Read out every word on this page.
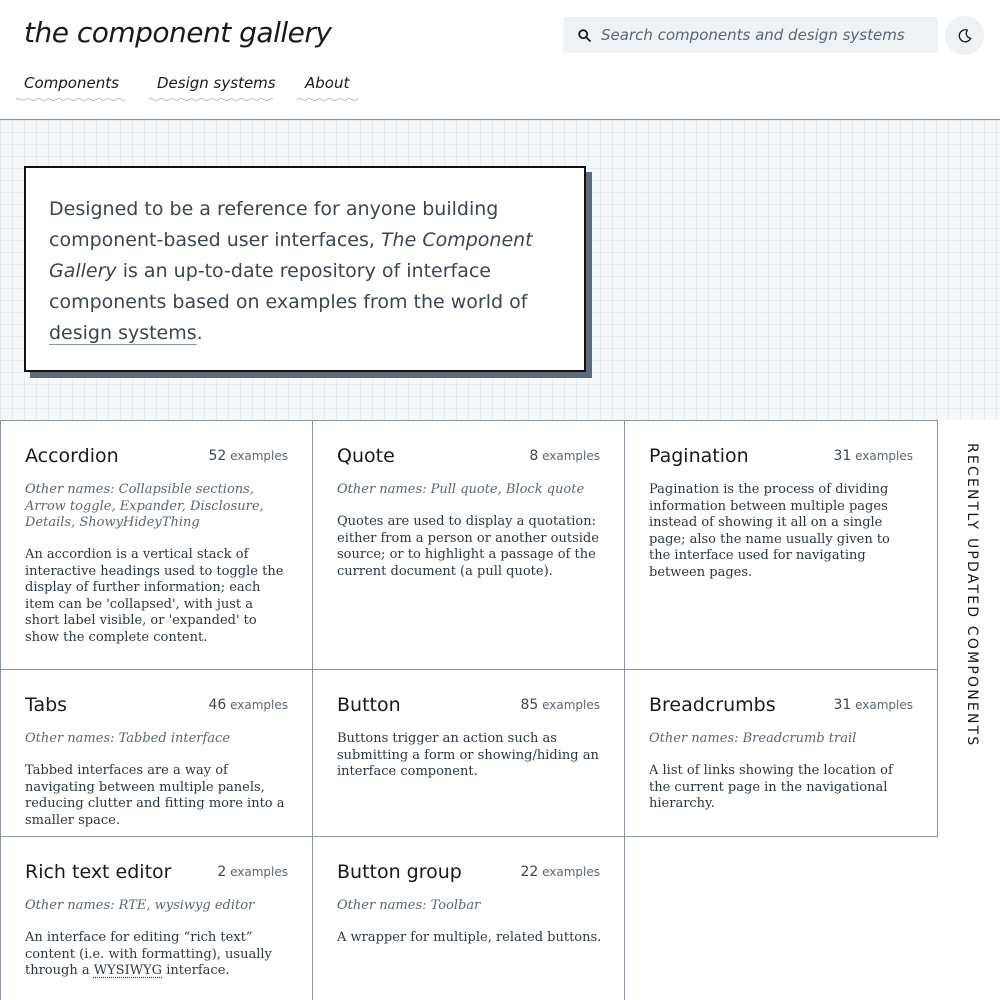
the component gallery
Search components and design systems
Components	Design systems	About
Designed to be a reference for anyone building component-based user interfaces, The Component Gallery is an up-to-date repository of interface components based on examples from the world of design systems.
Accordion	52 examples
Other names: Collapsible sections, Arrow toggle, Expander, Disclosure, Details, ShowyHideyThing
An accordion is a vertical stack of interactive headings used to toggle the display of further information; each item can be 'collapsed', with just a short label visible, or 'expanded' to show the complete content.
Quote	8 examples
Other names: Pull quote, Block quote
Quotes are used to display a quotation: either from a person or another outside source; or to highlight a passage of the current document (a pull quote).
Pagination	31 examples
Pagination is the process of dividing information between multiple pages instead of showing it all on a single page; also the name usually given to the interface used for navigating between pages.
Tabs	46 examples
Other names: Tabbed interface
Tabbed interfaces are a way of navigating between multiple panels, reducing clutter and fitting more into a smaller space.
Button	85 examples
Buttons trigger an action such as submitting a form or showing/hiding an interface component.
Breadcrumbs	31 examples
Other names: Breadcrumb trail
A list of links showing the location of the current page in the navigational hierarchy.
Rich text editor	2 examples
Other names: RTE, wysiwyg editor
An interface for editing “rich text” content (i.e. with formatting), usually through a WYSIWYG interface.
Button group	22 examples
Other names: Toolbar
A wrapper for multiple, related buttons.
RECENTLY UPDATED COMPONENTS
